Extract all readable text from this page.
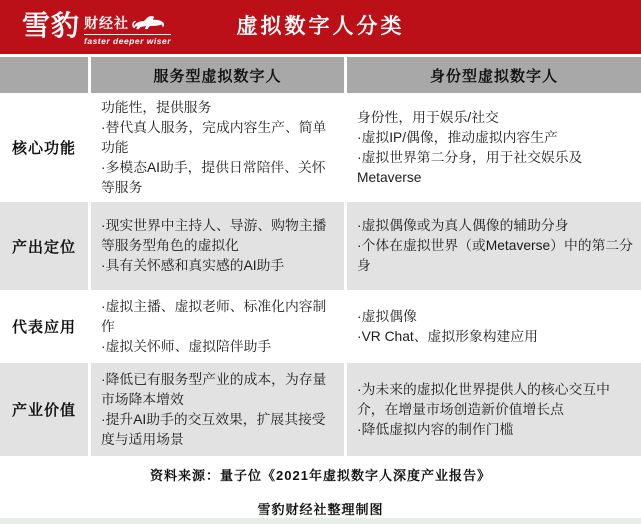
雪豹 财经社
faster deeper wiser
虚拟数字人分类
服务型虚拟数字人	身份型虚拟数字人
核心功能
功能性，提供服务
·替代真人服务，完成内容生产、简单功能
·多模态AI助手，提供日常陪伴、关怀等服务
身份性，用于娱乐/社交
·虚拟IP/偶像，推动虚拟内容生产
·虚拟世界第二分身，用于社交娱乐及Metaverse
产出定位
·现实世界中主持人、导游、购物主播等服务型角色的虚拟化
·具有关怀感和真实感的AI助手
·虚拟偶像或为真人偶像的辅助分身
·个体在虚拟世界（或Metaverse）中的第二分身
代表应用
·虚拟主播、虚拟老师、标准化内容制作
·虚拟关怀师、虚拟陪伴助手
·虚拟偶像
·VR Chat、虚拟形象构建应用
产业价值
·降低已有服务型产业的成本，为存量市场降本增效
·提升AI助手的交互效果，扩展其接受度与适用场景
·为未来的虚拟化世界提供人的核心交互中介，在增量市场创造新价值增长点
·降低虚拟内容的制作门槛
资料来源：量子位《2021年虚拟数字人深度产业报告》
雪豹财经社整理制图
